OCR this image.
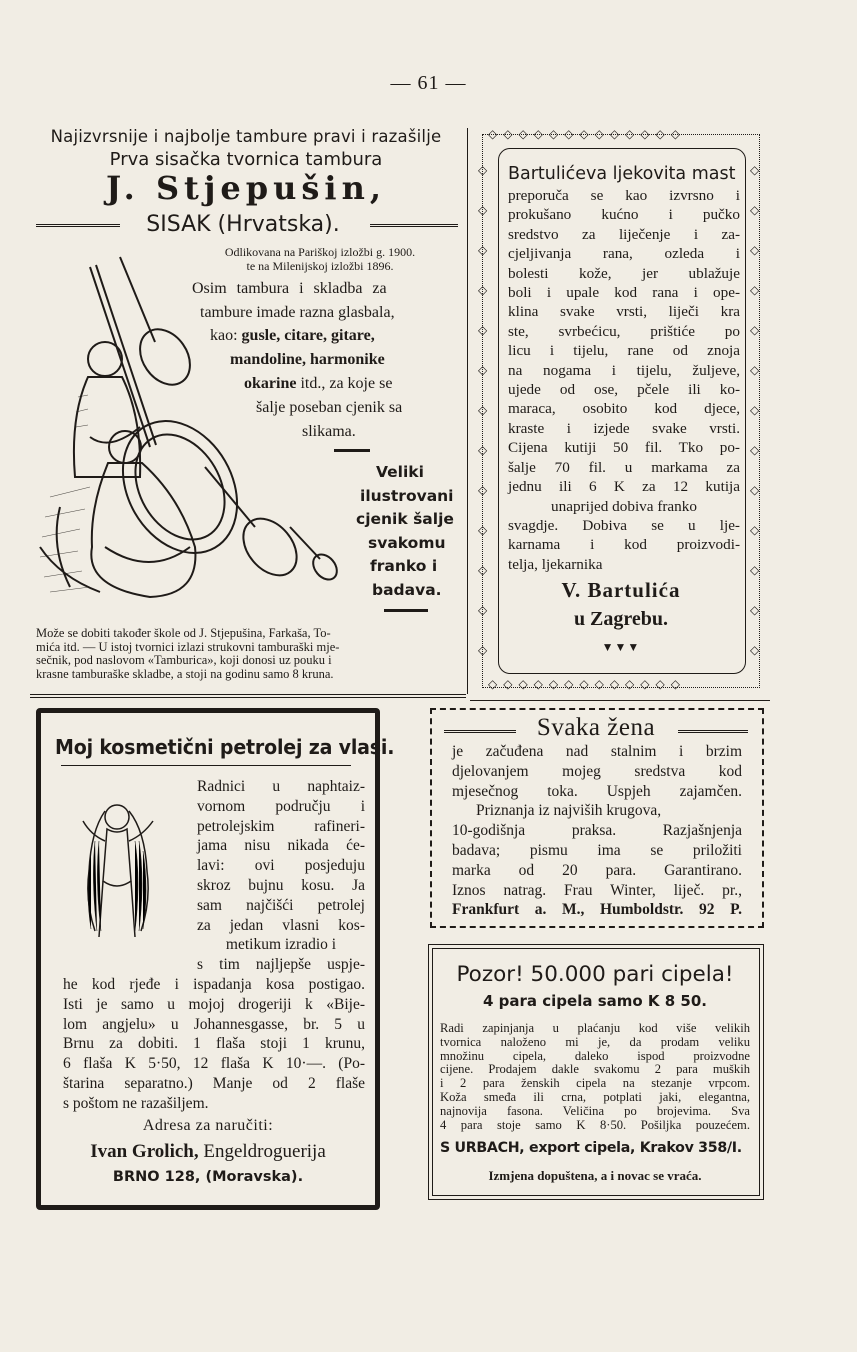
— 61 —
Najizvrsnije i najbolje tambure pravi i razašilje
Prva sisačka tvornica tambura
J. Stjepušin,
SISAK (Hrvatska).
Odlikovana na Pariškoj izložbi g. 1900.
te na Milenijskoj izložbi 1896.
Osim tambura i skladba za
tambure imade razna glasbala,
kao: gusle, citare, gitare,
mandoline, harmonike
okarine itd., za koje se
šalje poseban cjenik sa
slikama.
Veliki
ilustrovani
cjenik šalje
svakomu
franko i
badava.
Može se dobiti također škole od J. Stjepušina, Farkaša, To-
mića itd. — U istoj tvornici izlazi strukovni tamburaški mje-
sečnik, pod naslovom «Tamburica», koji donosi uz pouku i
krasne tamburaške skladbe, a stoji na godinu samo 8 kruna.
◇◇◇◇◇◇◇◇◇◇◇◇◇
◇◇◇◇◇◇◇◇◇◇◇◇◇
◇
◇
◇
◇
◇
◇
◇
◇
◇
◇
◇
◇
◇
◇
◇
◇
◇
◇
◇
◇
◇
◇
◇
◇
◇
◇
Bartulićeva ljekovita mast
preporuča se kao izvrsno i
prokušano kućno i pučko
sredstvo za liječenje i za-
cjeljivanja rana, ozleda i
bolesti kože, jer ublažuje
boli i upale kod rana i ope-
klina svake vrsti, liječi kra
ste, svrbećicu, prištiće po
licu i tijelu, rane od znoja
na nogama i tijelu, žuljeve,
ujede od ose, pčele ili ko-
maraca, osobito kod djece,
kraste i izjede svake vrsti.
Cijena kutiji 50 fil. Tko po-
šalje 70 fil. u markama za
jednu ili 6 K za 12 kutija
unaprijed dobiva franko
svagdje. Dobiva se u lje-
karnama i kod proizvodi-
telja, ljekarnika
V. Bartulića
u Zagrebu.
▼▼▼
Moj kosmetični petrolej za vlasi.
Radnici u naphtaiz-
vornom području i
petrolejskim rafineri-
jama nisu nikada će-
lavi: ovi posjeduju
skroz bujnu kosu. Ja
sam najčišći petrolej
za jedan vlasni kos-
metikum izradio i
s tim najljepše uspje-
he kod rjeđe i ispadanja kosa postigao.
Isti je samo u mojoj drogeriji k «Bije-
lom angjelu» u Johannesgasse, br. 5 u
Brnu za dobiti. 1 flaša stoji 1 krunu,
6 flaša K 5·50, 12 flaša K 10·—. (Po-
štarina separatno.) Manje od 2 flaše
s poštom ne razašiljem.
Adresa za naručiti:
Ivan Grolich, Engeldroguerija
BRNO 128, (Moravska).
Svaka žena
je začuđena nad stalnim i brzim
djelovanjem mojeg sredstva kod
mjesečnog toka. Uspjeh zajamčen.
Priznanja iz najviših krugova,
10-godišnja praksa. Razjašnjenja
badava; pismu ima se priložiti
marka od 20 para. Garantirano.
Iznos natrag. Frau Winter, liječ. pr.,
Frankfurt a. M., Humboldstr. 92 P.
Pozor! 50.000 pari cipela!
4 para cipela samo K 8 50.
Radi zapinjanja u plaćanju kod više velikih
tvornica naloženo mi je, da prodam veliku
množinu cipela, daleko ispod proizvodne
cijene. Prodajem dakle svakomu 2 para muških
i 2 para ženskih cipela na stezanje vrpcom.
Koža smeđa ili crna, potplati jaki, elegantna,
najnovija fasona. Veličina po brojevima. Sva
4 para stoje samo K 8·50. Pošiljka pouzećem.
S URBACH, export cipela, Krakov 358/I.
Izmjena dopuštena, a i novac se vraća.
